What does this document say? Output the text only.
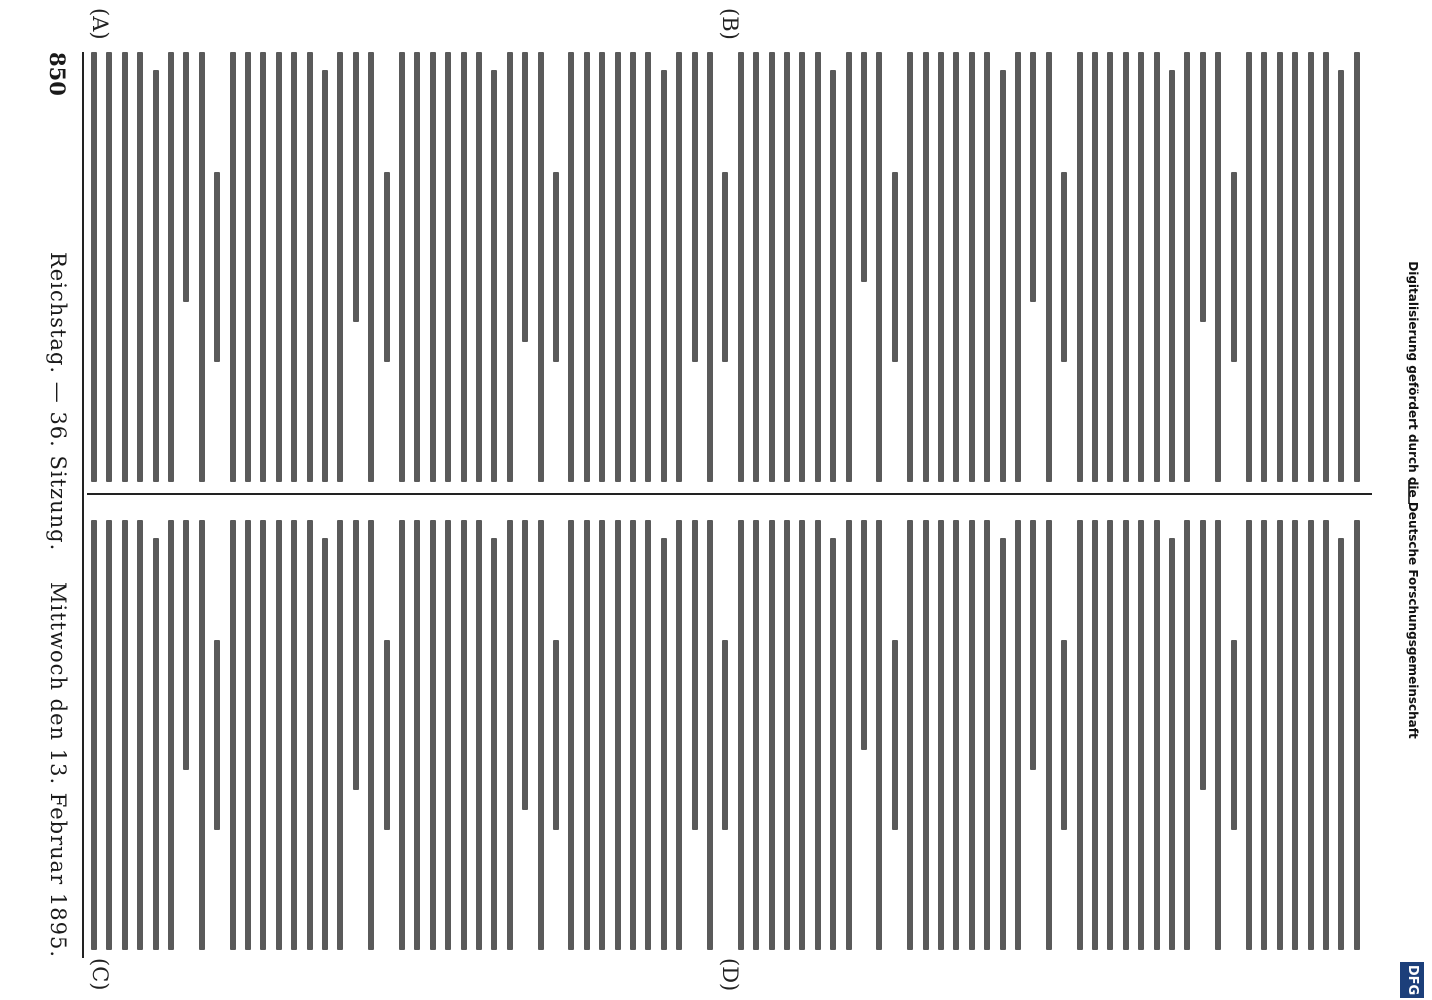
850
Reichstag. — 36. Sitzung.
Mittwoch den 13. Februar 1895.
(A)	(B)
(C)	(D)
Digitalisierung gefördert durch die Deutsche Forschungsgemeinschaft
DFG
